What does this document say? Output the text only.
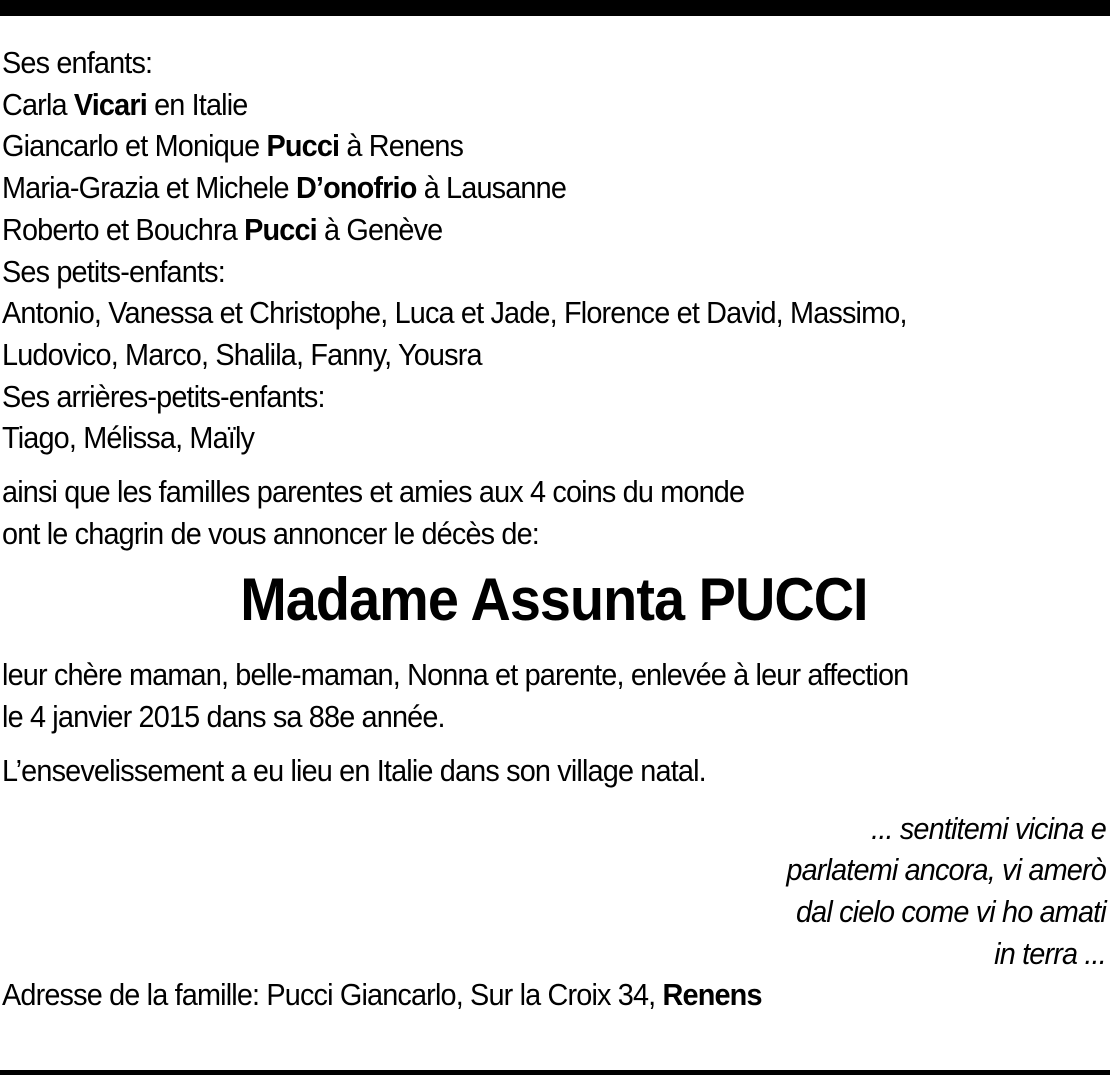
Ses enfants:
Carla Vicari en Italie
Giancarlo et Monique Pucci à Renens
Maria-Grazia et Michele D’onofrio à Lausanne
Roberto et Bouchra Pucci à Genève
Ses petits-enfants:
Antonio, Vanessa et Christophe, Luca et Jade, Florence et David, Massimo,
Ludovico, Marco, Shalila, Fanny, Yousra
Ses arrières-petits-enfants:
Tiago, Mélissa, Maïly
ainsi que les familles parentes et amies aux 4 coins du monde
ont le chagrin de vous annoncer le décès de:
Madame Assunta PUCCI
leur chère maman, belle-maman, Nonna et parente, enlevée à leur affection
le 4 janvier 2015 dans sa 88e année.
L’ensevelissement a eu lieu en Italie dans son village natal.
... sentitemi vicina e
parlatemi ancora, vi amerò
dal cielo come vi ho amati
in terra ...
Adresse de la famille: Pucci Giancarlo, Sur la Croix 34, Renens
